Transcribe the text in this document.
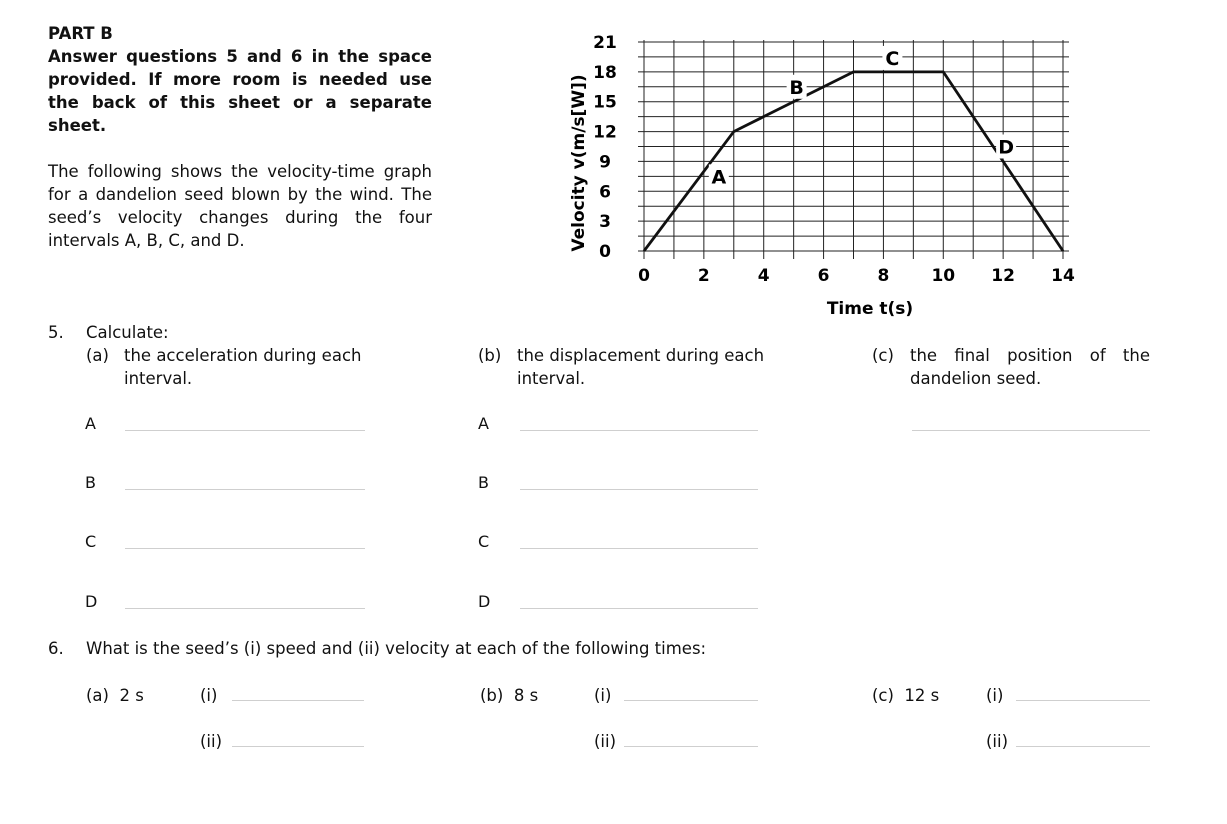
PART B
Answer questions 5 and 6 in the space provided. If more room is needed use the back of this sheet or a separate sheet.
The following shows the velocity-time graph for a dandelion seed blown by the wind. The seed’s velocity changes during the four intervals A, B, C, and D.
0
3
6
9
12
15
18
21
0	2	4	6	8 10 12 14
A
B
C
D
Velocity v(m/s[W])
Time t(s)
5. Calculate:
(a) the acceleration during each interval.
(b) the displacement during each interval.
(c) the final position of the dandelion seed.
A
B
C
D
A
B
C
D
6. What is the seed’s (i) speed and (ii) velocity at each of the following times:
(a)  2 s	(i)
(ii)
(b)  8 s	(i)
(ii)
(c)  12 s	(i)
(ii)
